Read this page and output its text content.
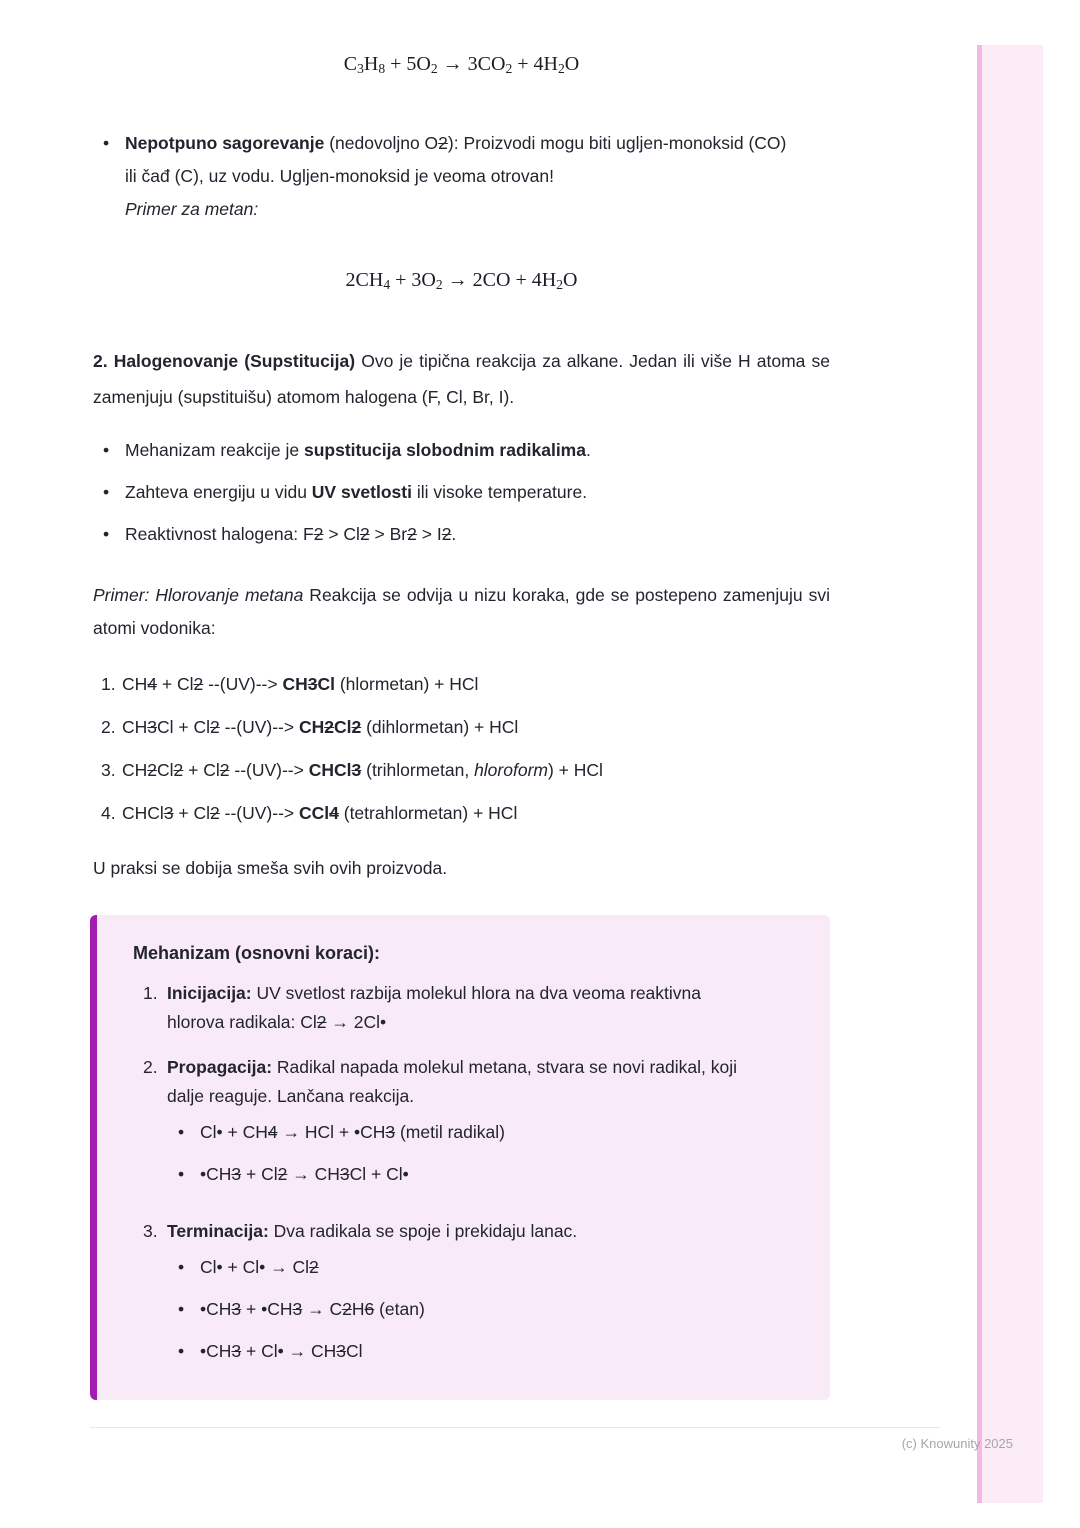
C3H8 + 5O2 → 3CO2 + 4H2O
• Nepotpuno sagorevanje (nedovoljno O2): Proizvodi mogu biti ugljen-monoksid (CO) ili čađ (C), uz vodu. Ugljen-monoksid je veoma otrovan!

Primer za metan:

2CH4 + 3O2 → 2CO + 4H2O

2. Halogenovanje (Supstitucija) Ovo je tipična reakcija za alkane. Jedan ili više H atoma se zamenjuju (supstituišu) atomom halogena (F, Cl, Br, I).

• Mehanizam reakcije je supstitucija slobodnim radikalima.

• Zahteva energiju u vidu UV svetlosti ili visoke temperature.

• Reaktivnost halogena: F2 > Cl2 > Br2 > I2.

Primer: Hlorovanje metana Reakcija se odvija u nizu koraka, gde se postepeno zamenjuju svi atomi vodonika:

1. CH4 + Cl2 --(UV)--> CH3Cl (hlormetan) + HCl

2. CH3Cl + Cl2 --(UV)--> CH2Cl2 (dihlormetan) + HCl

3. CH2Cl2 + Cl2 --(UV)--> CHCl3 (trihlormetan, hloroform) + HCl

4. CHCl3 + Cl2 --(UV)--> CCl4 (tetrahlormetan) + HCl

U praksi se dobija smeša svih ovih proizvoda.

Mehanizam (osnovni koraci):

1. Inicijacija: UV svetlost razbija molekul hlora na dva veoma reaktivna hlorova radikala: Cl2 → 2Cl•

2. Propagacija: Radikal napada molekul metana, stvara se novi radikal, koji dalje reaguje. Lančana reakcija.

• Cl• + CH4 → HCl + •CH3 (metil radikal)

• •CH3 + Cl2 → CH3Cl + Cl•

3. Terminacija: Dva radikala se spoje i prekidaju lanac.

• Cl• + Cl• → Cl2

• •CH3 + •CH3 → C2H6 (etan)

• •CH3 + Cl• → CH3Cl

(c) Knowunity 2025
